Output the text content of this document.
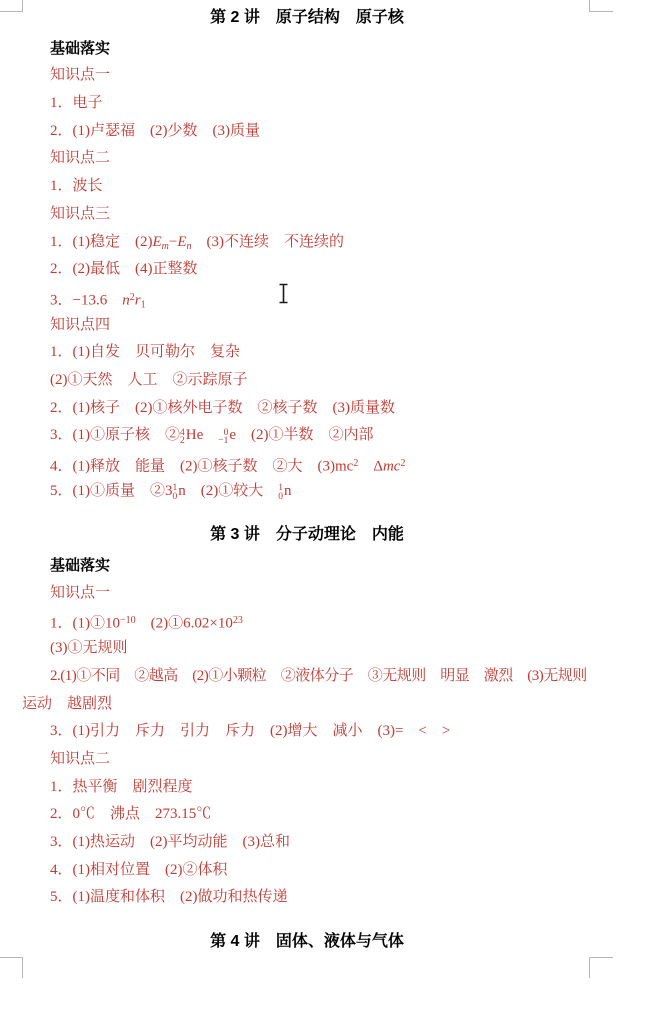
第 2 讲　原子结构　原子核
基础落实
知识点一
1．电子
2．(1)卢瑟福　(2)少数　(3)质量
知识点二
1．波长
知识点三
1．(1)稳定　$(2)E_m-E_n$　(3)不连续　不连续的
2．(2)最低　(4)正整数
3．−13.6　$n^2r_1$
知识点四
1．(1)自发　贝可勒尔　复杂
(2)①天然　人工　②示踪原子
2．(1)核子　(2)①核外电子数　②核子数　(3)质量数
3．(1)①原子核　② 4
2 He　	0
−1 e　(2)①半数　②内部
4．(1)释放　能量　(2)①核子数　②大　$(3)mc^2$　Δmc$^2$
5．(1)①质量　②3 1
0 n　(2)①较大　 1
0 n
第 3 讲　分子动理论　内能
基础落实
知识点一
1．$(1)①10^{-10}$　$(2)①6.02\times 10^{23}$
(3)①无规则
2.(1)①不同　②越高　(2)①小颗粒　②液体分子　③无规则　明显　激烈　(3)无规则
运动　越剧烈
3．(1)引力　斥力　引力　斥力　(2)增大　减小　(3)=　<　>
知识点二
1．热平衡　剧烈程度
2．0℃　沸点　273.15℃
3．(1)热运动　(2)平均动能　(3)总和
4．(1)相对位置　(2)②体积
5．(1)温度和体积　(2)做功和热传递
第 4 讲　固体、液体与气体
